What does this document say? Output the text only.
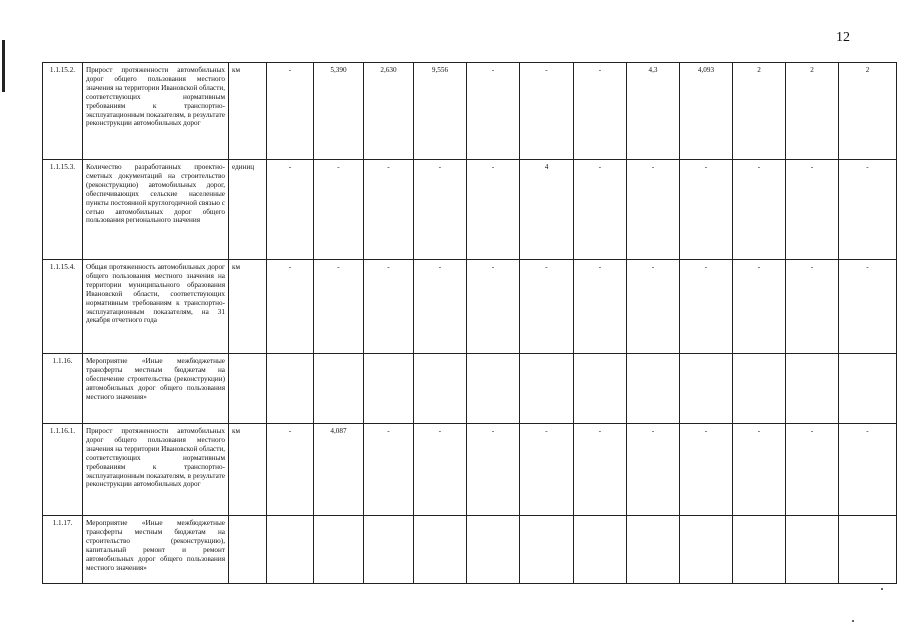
12
1.1.15.2.	Прирост протяженности автомобильных дорог общего пользования местного значения на территории Ивановской области, соответствующих нормативным требованиям к транспортно-эксплуатационным показателям, в результате реконструкции автомобильных дорог	км	-	5,390	2,630	9,556	-	-	-	4,3	4,093	2	2	2
1.1.15.3.	Количество разработанных проектно-сметных документаций на строительство (реконструкцию) автомобильных дорог, обеспечивающих сельские населенные пункты постоянной круглогодичной связью с сетью автомобильных дорог общего пользования регионального значения	единиц	-	-	-	-	-	4	-	-	-	-	-	-
1.1.15.4.	Общая протяженность автомобильных дорог общего пользования местного значения на территории муниципального образования Ивановской области, соответствующих нормативным требованиям к транспортно-эксплуатационным показателям, на 31 декабря отчетного года	км	-	-	-	-	-	-	-	-	-	-	-	-
1.1.16.	Мероприятие «Иные межбюджетные трансферты местным бюджетам на обеспечение строительства (реконструкции) автомобильных дорог общего пользования местного значения»													
1.1.16.1.	Прирост протяженности автомобильных дорог общего пользования местного значения на территории Ивановской области, соответствующих нормативным требованиям к транспортно-эксплуатационным показателям, в результате реконструкции автомобильных дорог	км	-	4,087	-	-	-	-	-	-	-	-	-	-
1.1.17.	Мероприятие «Иные межбюджетные трансферты местным бюджетам на строительство (реконструкцию), капитальный ремонт и ремонт автомобильных дорог общего пользования местного значения»													
